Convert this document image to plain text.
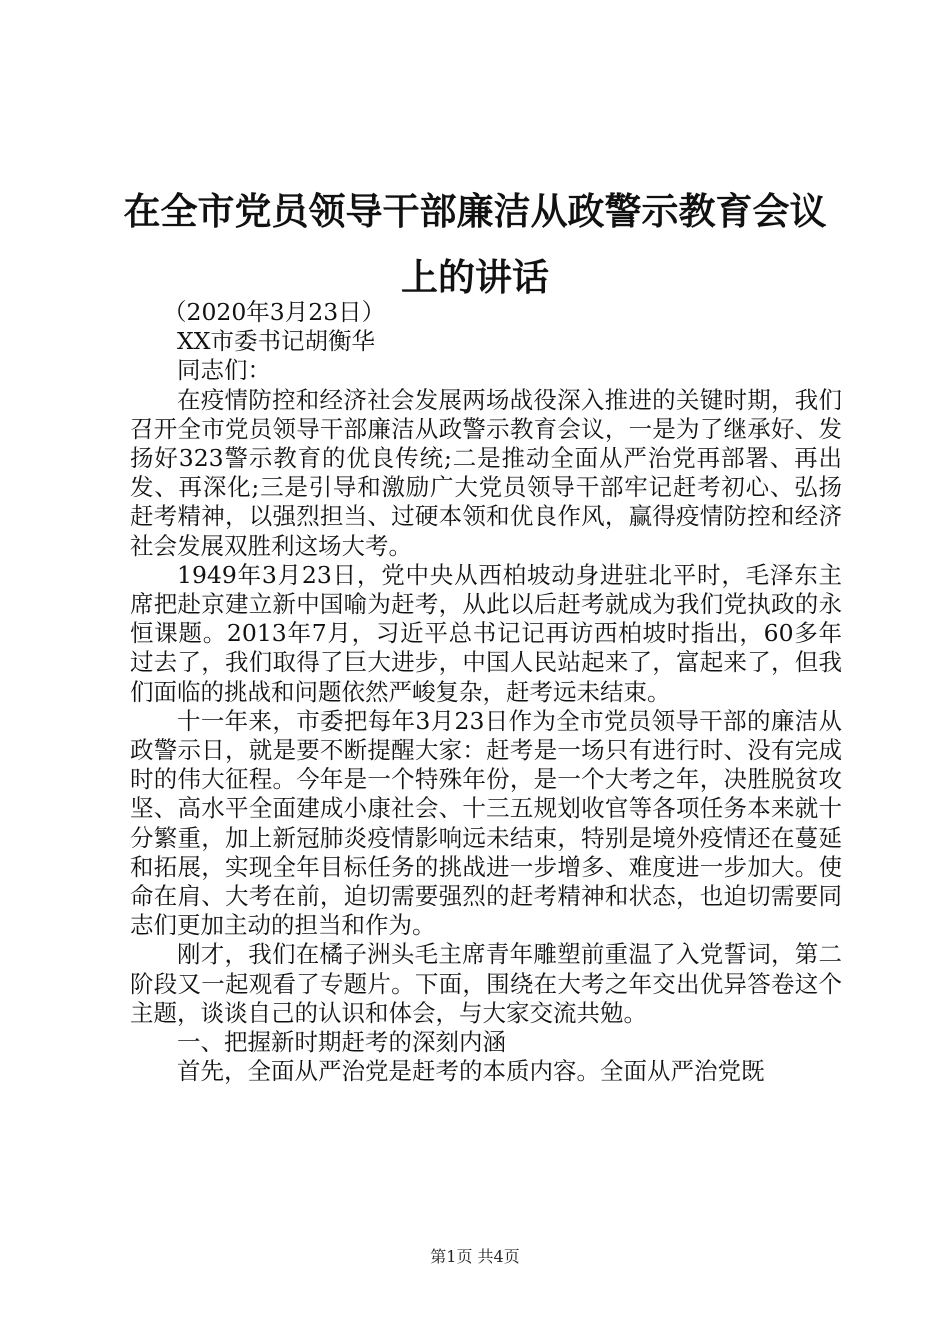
在全市党员领导干部廉洁从政警示教育会议上的讲话

（2020年3月23日）

XX市委书记胡衡华

同志们：

在疫情防控和经济社会发展两场战役深入推进的关键时期，我们召开全市党员领导干部廉洁从政警示教育会议，一是为了继承好、发扬好323警示教育的优良传统;二是推动全面从严治党再部署、再出发、再深化;三是引导和激励广大党员领导干部牢记赶考初心、弘扬赶考精神，以强烈担当、过硬本领和优良作风，赢得疫情防控和经济社会发展双胜利这场大考。

1949年3月23日，党中央从西柏坡动身进驻北平时，毛泽东主席把赴京建立新中国喻为赶考，从此以后赶考就成为我们党执政的永恒课题。2013年7月，习近平总书记记再访西柏坡时指出，60多年过去了，我们取得了巨大进步，中国人民站起来了，富起来了，但我们面临的挑战和问题依然严峻复杂，赶考远未结束。

十一年来，市委把每年3月23日作为全市党员领导干部的廉洁从政警示日，就是要不断提醒大家：赶考是一场只有进行时、没有完成时的伟大征程。今年是一个特殊年份，是一个大考之年，决胜脱贫攻坚、高水平全面建成小康社会、十三五规划收官等各项任务本来就十分繁重，加上新冠肺炎疫情影响远未结束，特别是境外疫情还在蔓延和拓展，实现全年目标任务的挑战进一步增多、难度进一步加大。使命在肩、大考在前，迫切需要强烈的赶考精神和状态，也迫切需要同志们更加主动的担当和作为。

刚才，我们在橘子洲头毛主席青年雕塑前重温了入党誓词，第二阶段又一起观看了专题片。下面，围绕在大考之年交出优异答卷这个主题，谈谈自己的认识和体会，与大家交流共勉。

一、把握新时期赶考的深刻内涵

首先，全面从严治党是赶考的本质内容。全面从严治党既

第1页 共4页
